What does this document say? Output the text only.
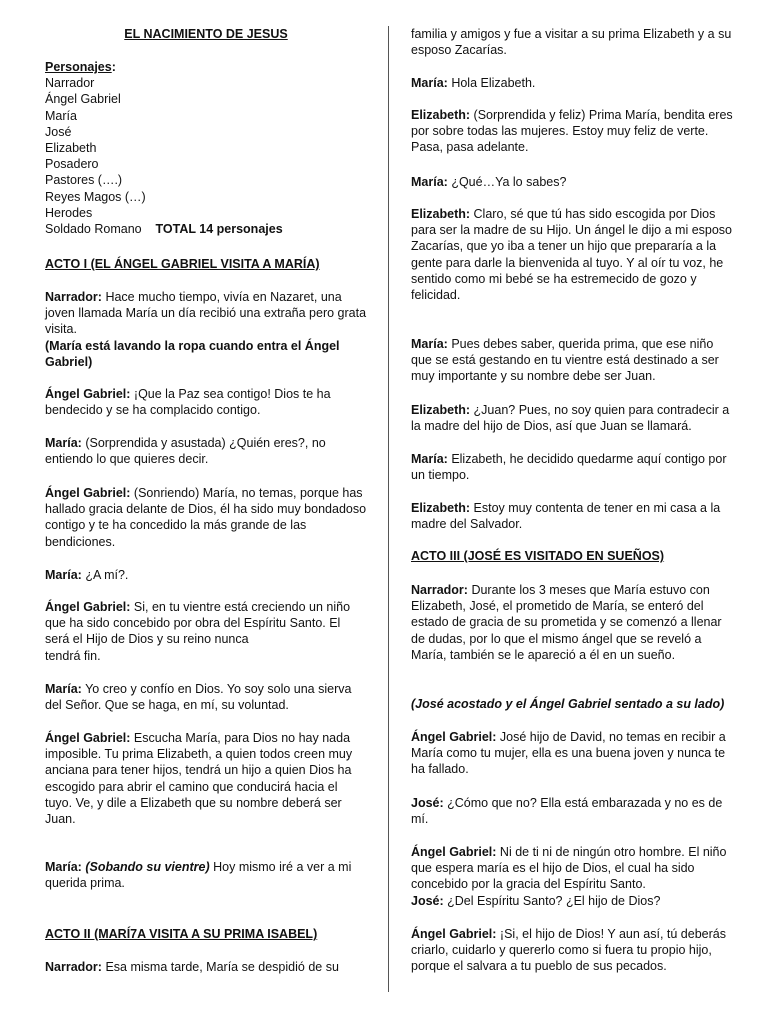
EL NACIMIENTO DE JESUS

Personajes:
Narrador
Ángel Gabriel
María
José
Elizabeth
Posadero
Pastores (….)
Reyes Magos (…)
Herodes
Soldado Romano TOTAL 14 personajes

ACTO I (EL ÁNGEL GABRIEL VISITA A MARÍA)

Narrador: Hace mucho tiempo, vivía en Nazaret, una joven llamada María un día recibió una extraña pero grata visita.
(María está lavando la ropa cuando entra el Ángel Gabriel)

Ángel Gabriel: ¡Que la Paz sea contigo! Dios te ha bendecido y se ha complacido contigo.

María: (Sorprendida y asustada) ¿Quién eres?, no entiendo lo que quieres decir.

Ángel Gabriel: (Sonriendo) María, no temas, porque has hallado gracia delante de Dios, él ha sido muy bondadoso contigo y te ha concedido la más grande de las bendiciones.

María: ¿A mí?.

Ángel Gabriel: Si, en tu vientre está creciendo un niño que ha sido concebido por obra del Espíritu Santo. El será el Hijo de Dios y su reino nunca
tendrá fin.

María: Yo creo y confío en Dios. Yo soy solo una sierva del Señor. Que se haga, en mí, su voluntad.

Ángel Gabriel: Escucha María, para Dios no hay nada imposible. Tu prima Elizabeth, a quien todos creen muy anciana para tener hijos, tendrá un hijo a quien Dios ha escogido para abrir el camino que conducirá hacia el
tuyo. Ve, y dile a Elizabeth que su nombre deberá ser Juan.

María: (Sobando su vientre) Hoy mismo iré a ver a mi querida prima.

ACTO II (MARÍ7A VISITA A SU PRIMA ISABEL)

Narrador: Esa misma tarde, María se despidió de su

familia y amigos y fue a visitar a su prima Elizabeth y a su esposo Zacarías.

María: Hola Elizabeth.

Elizabeth: (Sorprendida y feliz) Prima María, bendita eres por sobre todas las mujeres. Estoy muy feliz de verte. Pasa, pasa adelante.

María: ¿Qué…Ya lo sabes?

Elizabeth: Claro, sé que tú has sido escogida por Dios para ser la madre de su Hijo. Un ángel le dijo a mi esposo Zacarías, que yo iba a tener un hijo que prepararía a la gente para darle la bienvenida al tuyo. Y al oír tu voz, he sentido como mi bebé se ha estremecido de gozo y
felicidad.

María: Pues debes saber, querida prima, que ese niño que se está gestando en tu vientre está destinado a ser muy importante y su nombre debe ser Juan.

Elizabeth: ¿Juan? Pues, no soy quien para contradecir a la madre del hijo de Dios, así que Juan se llamará.

María: Elizabeth, he decidido quedarme aquí contigo por un tiempo.

Elizabeth: Estoy muy contenta de tener en mi casa a la madre del Salvador.

ACTO III (JOSÉ ES VISITADO EN SUEÑOS)

Narrador: Durante los 3 meses que María estuvo con Elizabeth, José, el prometido de María, se enteró del estado de gracia de su prometida y se comenzó a llenar de dudas, por lo que el mismo ángel que se reveló a María, también se le apareció a él en un sueño.

(José acostado y el Ángel Gabriel sentado a su lado)

Ángel Gabriel: José hijo de David, no temas en recibir a María como tu mujer, ella es una buena joven y nunca te ha fallado.

José: ¿Cómo que no? Ella está embarazada y no es de mí.

Ángel Gabriel: Ni de ti ni de ningún otro hombre. El niño que espera maría es el hijo de Dios, el cual ha sido concebido por la gracia del Espíritu Santo.
José: ¿Del Espíritu Santo? ¿El hijo de Dios?

Ángel Gabriel: ¡Si, el hijo de Dios! Y aun así, tú deberás criarlo, cuidarlo y quererlo como si fuera tu propio hijo, porque el salvara a tu pueblo de sus pecados.
